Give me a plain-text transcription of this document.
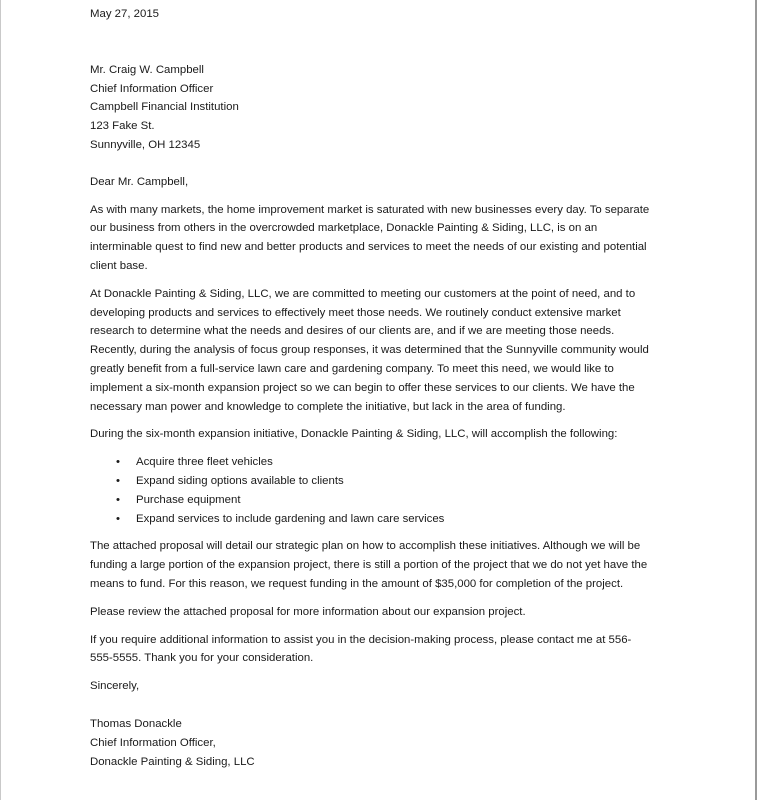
May 27, 2015

Mr. Craig W. Campbell

Chief Information Officer

Campbell Financial Institution

123 Fake St.

Sunnyville, OH 12345

Dear Mr. Campbell,

As with many markets, the home improvement market is saturated with new businesses every day. To separate our business from others in the overcrowded marketplace, Donackle Painting & Siding, LLC, is on an interminable quest to find new and better products and services to meet the needs of our existing and potential client base.

At Donackle Painting & Siding, LLC, we are committed to meeting our customers at the point of need, and to developing products and services to effectively meet those needs. We routinely conduct extensive market research to determine what the needs and desires of our clients are, and if we are meeting those needs. Recently, during the analysis of focus group responses, it was determined that the Sunnyville community would greatly benefit from a full-service lawn care and gardening company. To meet this need, we would like to implement a six-month expansion project so we can begin to offer these services to our clients. We have the necessary man power and knowledge to complete the initiative, but lack in the area of funding.

During the six-month expansion initiative, Donackle Painting & Siding, LLC, will accomplish the following:

• Acquire three fleet vehicles
• Expand siding options available to clients
• Purchase equipment
• Expand services to include gardening and lawn care services

The attached proposal will detail our strategic plan on how to accomplish these initiatives. Although we will be funding a large portion of the expansion project, there is still a portion of the project that we do not yet have the means to fund. For this reason, we request funding in the amount of $35,000 for completion of the project.

Please review the attached proposal for more information about our expansion project.

If you require additional information to assist you in the decision-making process, please contact me at 556-555-5555. Thank you for your consideration.

Sincerely,

Thomas Donackle

Chief Information Officer,

Donackle Painting & Siding, LLC
